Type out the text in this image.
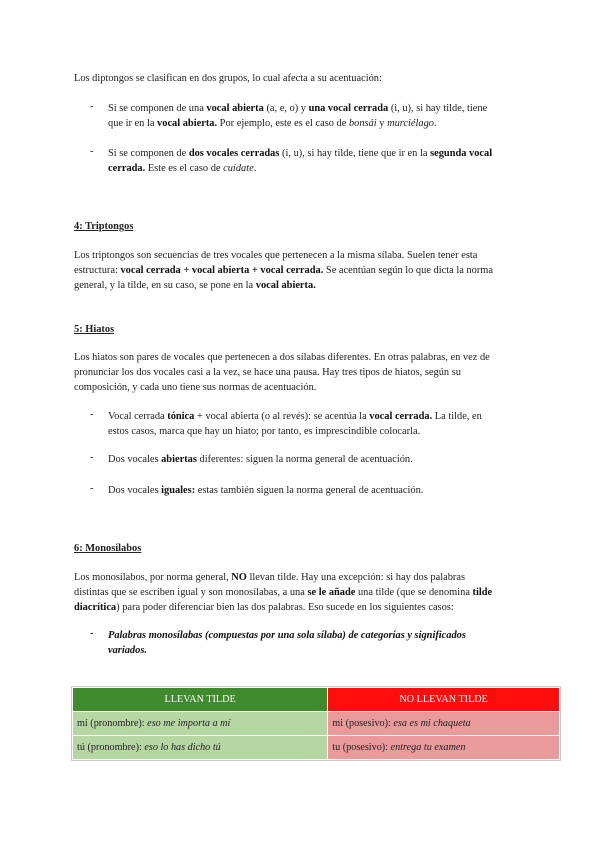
Los diptongos se clasifican en dos grupos, lo cual afecta a su acentuación:

- Si se componen de una vocal abierta (a, e, o) y una vocal cerrada (i, u), si hay tilde, tiene

que ir en la vocal abierta. Por ejemplo, este es el caso de bonsái y murciélago.

- Si se componen de dos vocales cerradas (i, u), si hay tilde, tiene que ir en la segunda vocal

cerrada. Este es el caso de cuídate.

4: Triptongos

Los triptongos son secuencias de tres vocales que pertenecen a la misma sílaba. Suelen tener esta

estructura: vocal cerrada + vocal abierta + vocal cerrada. Se acentúan según lo que dicta la norma

general, y la tilde, en su caso, se pone en la vocal abierta.

5: Hiatos

Los hiatos son pares de vocales que pertenecen a dos sílabas diferentes. En otras palabras, en vez de

pronunciar los dos vocales casi a la vez, se hace una pausa. Hay tres tipos de hiatos, según su

composición, y cada uno tiene sus normas de acentuación.

- Vocal cerrada tónica + vocal abierta (o al revés): se acentúa la vocal cerrada. La tilde, en

estos casos, marca que hay un hiato; por tanto, es imprescindible colocarla.

- Dos vocales abiertas diferentes: siguen la norma general de acentuación.

- Dos vocales iguales: estas también siguen la norma general de acentuación.

6: Monosílabos

Los monosílabos, por norma general, NO llevan tilde. Hay una excepción: si hay dos palabras

distintas que se escriben igual y son monosílabas, a una se le añade una tilde (que se denomina tilde

diacrítica) para poder diferenciar bien las dos palabras. Eso sucede en los siguientes casos:

- Palabras monosílabas (compuestas por una sola sílaba) de categorías y significados

variados.

LLEVAN TILDE	NO LLEVAN TILDE
mí (pronombre): eso me importa a mí	mi (posesivo): esa es mi chaqueta
tú (pronombre): eso lo has dicho tú	tu (posesivo): entrega tu examen
